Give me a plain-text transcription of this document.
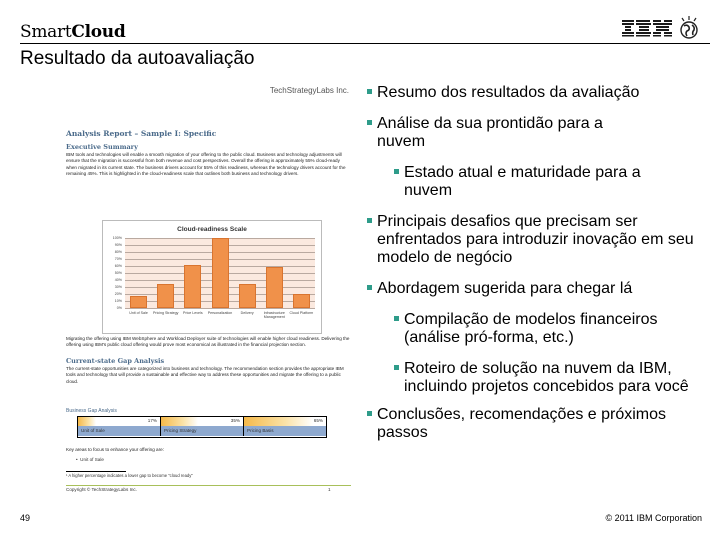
SmartCloud
Resultado da autoavaliação
TechStrategyLabs Inc.
Analysis Report – Sample I: Specific
Executive Summary

IBM tools and technologies will enable a smooth migration of your offering to the public cloud. Business and technology adjustments will ensure that the migration is successful from both revenue and cost perspectives. Overall the offering is approximately 55% cloud-ready when migrated in its current state. The business drivers account for 55% of this readiness, whereas the technology drivers account for the remaining 45%. This is highlighted in the cloud-readiness scale that outlines both business and technology drivers.

Cloud-readiness Scale
0%
10%
20%
30%
40%
50%
60%
70%
80%
90%
100%
Unit of Sale	Pricing Strategy	Price Levels	Personalization	Delivery	Infrastructure Management
Cloud Platform

Migrating the offering using IBM WebSphere and Workload Deployer suite of technologies will enable higher cloud readiness. Delivering the offering using IBM's public cloud offering would prove most economical as illustrated in the financial projection section.

Current-state Gap Analysis

The current-state opportunities are categorized into business and technology. The recommendation section provides the appropriate IBM tools and technology that will provide a sustainable and effective way to address these opportunities and migrate the offering to a public cloud.

Business Gap Analysis
17%	35%	65%
Unit of Sale	Pricing Strategy	Pricing Basis

Key areas to focus to enhance your offering are:

•  Unit of Sale
¹ A higher percentage indicates a lower gap to become "cloud ready"
Copyright © TechStrategyLabs Inc.	1
Resumo dos resultados da avaliação
Análise da sua prontidão para a nuvem
Estado atual e maturidade para a nuvem
Principais desafios que precisam ser enfrentados para introduzir inovação em seu modelo de negócio
Abordagem sugerida para chegar lá
Compilação de modelos financeiros (análise pró-forma, etc.)
Roteiro de solução na nuvem da IBM, incluindo projetos concebidos para você
Conclusões, recomendações e próximos passos
49	© 2011 IBM Corporation
